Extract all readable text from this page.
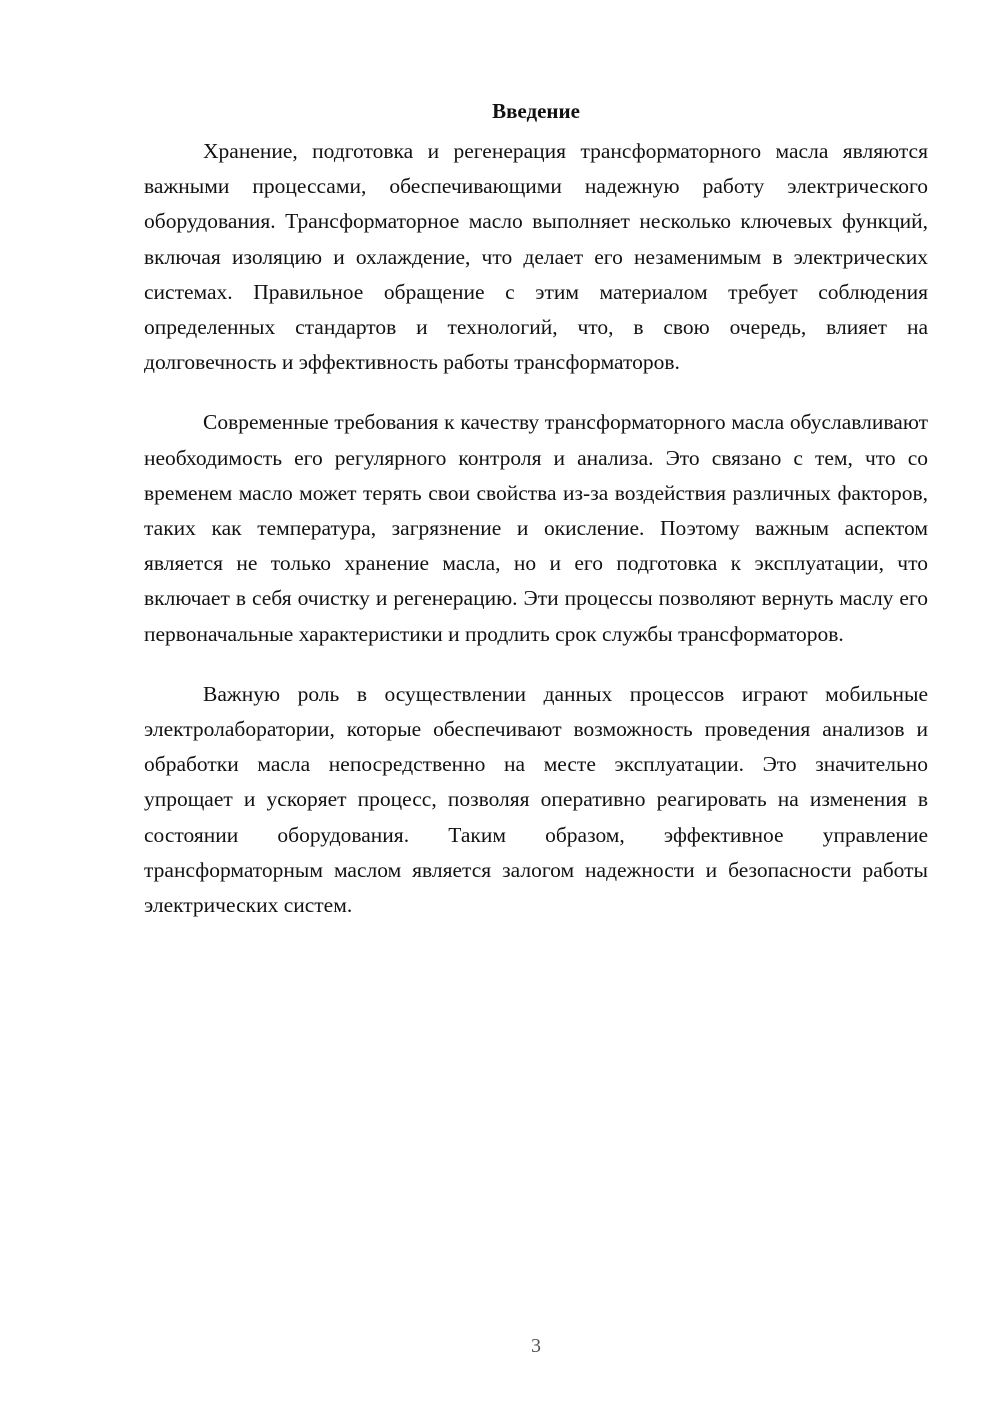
Введение

Хранение, подготовка и регенерация трансформаторного масла являются важными процессами, обеспечивающими надежную работу электрического оборудования. Трансформаторное масло выполняет несколько ключевых функций, включая изоляцию и охлаждение, что делает его незаменимым в электрических системах. Правильное обращение с этим материалом требует соблюдения определенных стандартов и технологий, что, в свою очередь, влияет на долговечность и эффективность работы трансформаторов.

Современные требования к качеству трансформаторного масла обуславливают необходимость его регулярного контроля и анализа. Это связано с тем, что со временем масло может терять свои свойства из-за воздействия различных факторов, таких как температура, загрязнение и окисление. Поэтому важным аспектом является не только хранение масла, но и его подготовка к эксплуатации, что включает в себя очистку и регенерацию. Эти процессы позволяют вернуть маслу его первоначальные характеристики и продлить срок службы трансформаторов.

Важную роль в осуществлении данных процессов играют мобильные электролаборатории, которые обеспечивают возможность проведения анализов и обработки масла непосредственно на месте эксплуатации. Это значительно упрощает и ускоряет процесс, позволяя оперативно реагировать на изменения в состоянии оборудования. Таким образом, эффективное управление трансформаторным маслом является залогом надежности и безопасности работы электрических систем.

3
